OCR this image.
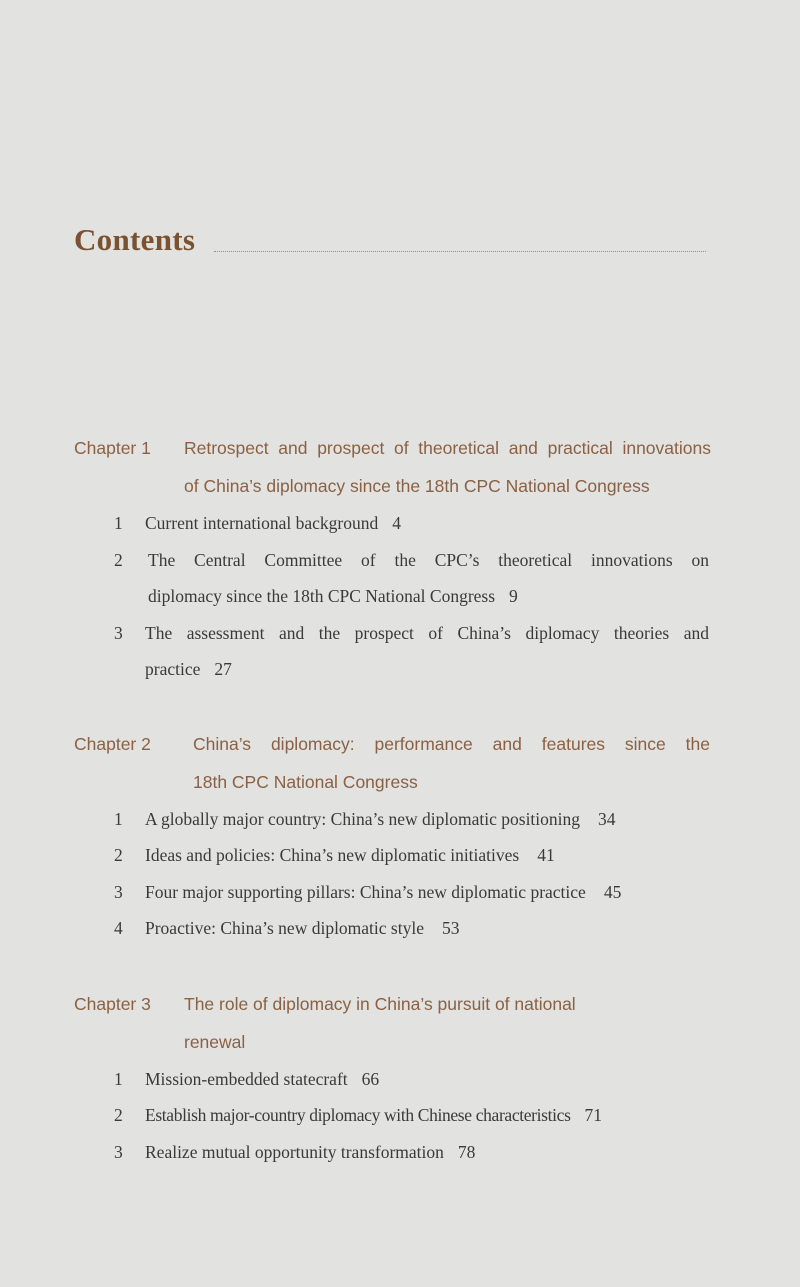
Contents
Chapter 1 Retrospect and prospect of theoretical and practical innovations
of China’s diplomacy since the 18th CPC National Congress
1 Current international background 4
2 The Central Committee of the CPC’s theoretical innovations on
diplomacy since the 18th CPC National Congress 9
3 The assessment and the prospect of China’s diplomacy theories and
practice 27
Chapter 2 China’s diplomacy: performance and features since the
18th CPC National Congress
1 A globally major country: China’s new diplomatic positioning 34
2 Ideas and policies: China’s new diplomatic initiatives 41
3 Four major supporting pillars: China’s new diplomatic practice 45
4 Proactive: China’s new diplomatic style 53
Chapter 3 The role of diplomacy in China’s pursuit of national
renewal
1 Mission-embedded statecraft 66
2 Establish major-country diplomacy with Chinese characteristics 71
3 Realize mutual opportunity transformation 78
